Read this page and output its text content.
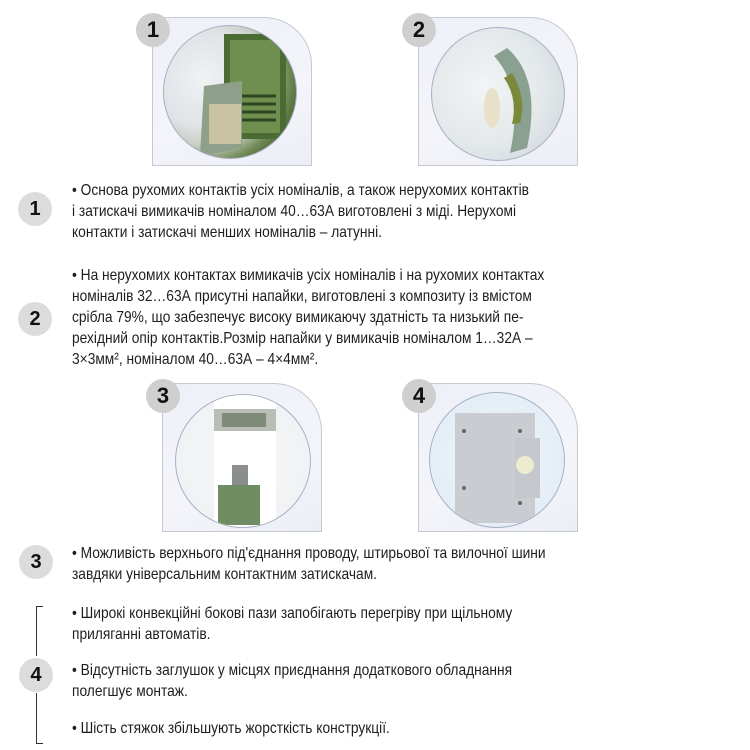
1	2
1
• Основа рухомих контактів усіх номіналів, а також нерухомих контактів
і затискачі вимикачів номіналом 40…63А виготовлені з міді. Нерухомі
контакти і затискачі менших номіналів – латунні.
2
• На нерухомих контактах вимикачів усіх номіналів і на рухомих контактах
номіналів 32…63А присутні напайки, виготовлені з композиту із вмістом
срібла 79%, що забезпечує високу вимикаючу здатність та низький пе-
рехідний опір контактів.Розмір напайки у вимикачів номіналом 1…32А –
3×3мм², номіналом 40…63А – 4×4мм².
3	4
3	• Можливість верхнього під'єднання проводу, штирьової та вилочної шини
завдяки універсальним контактним затискачам.
4
• Широкі конвекційні бокові пази запобігають перегріву при щільному
приляганні автоматів.
• Відсутність заглушок у місцях приєднання додаткового обладнання
полегшує монтаж.
• Шість стяжок збільшують жорсткість конструкції.
